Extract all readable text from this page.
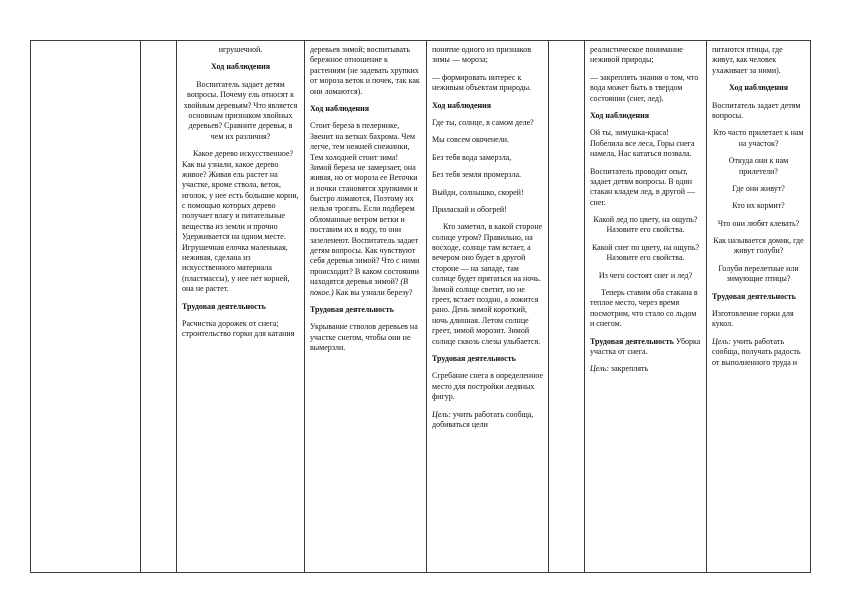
игрушечной.

Ход наблюдения

Воспитатель задает детям вопросы. Почему ель относят к хвойным деревьям? Что является основным признаком хвойных деревьев? Сравните деревья, в чем их различия?

Какое дерево искусственное? Как вы узнали, какое дерево живое? Живая ель растет на участке, кроме ствола, веток, иголок, у нее есть большие корни, с помощью которых дерево получает влагу и питательные вещества из земли и прочно Удерживается на одном месте. Игрушечная елочка маленькая, неживая, сделана из искусственного материала (пластмассы), у нее нет корней, она не растет.

Трудовая деятельность

Расчистка дорожек от снега; строительство горки для катания

деревьев зимой; воспитывать бережное отношение к растениям (не задевать хрупких от мороза веток и почек, так как они ломаются).

Ход наблюдения

Стоит береза в пелеринке, Звенит на ветках бахрома. Чем легче, тем нежней снежинки, Тем холодней стоит зима! Зимой береза не замерзает, она живая, но от мороза ее Веточки и почки становятся хрупкими и быстро ломаются, Поэтому их нельзя трогать. Если подберем обломанные ветром ветки и поставим их в воду, то они зазеленеют. Воспитатель задает детям вопросы. Как чувствуют себя деревья зимой? Что с ними происходит? В каком состоянии находятся деревья зимой? (В покое.) Как вы узнали березу?

Трудовая деятельность

Укрывание стволов деревьев на участке снегом, чтобы они не вымерзли.

понятие одного из признаков зимы — мороза;

— формировать интерес к неживым объектам природы.

Ход наблюдения

Где ты, солнце, в самом деле?

Мы совсем окоченели.

Без тебя вода замерзла,

Без тебя земля промерзла.

Выйди, солнышко, скорей!

Приласкай и обогрей!

Кто заметил, в какой стороне солнце утром? Правильно, на восходе, солнце там встает, а вечером оно будет в другой стороне — на западе, там солнце будет прятаться на ночь. Зимой солнце светит, но не греет, встает поздно, а ложится рано. День зимой короткий, ночь длинная. Летом солнце греет, зимой морозит. Зимой солнце сквозь слезы улыбается.

Трудовая деятельность

Сгребание снега в определенное место для постройки ледяных фигур.

Цель: учить работать сообща, добиваться цели

реалистическое понимание неживой природы;

— закреплять знания о том, что вода может быть в твердом состоянии (снег, лед).

Ход наблюдения

Ой ты, зимушка-краса! Побелила все леса, Горы снега намела, Нас кататься позвала.

Воспитатель проводит опыт, задает детям вопросы. В один стакан кладем лед, в другой — снег.

Какой лед по цвету, на ощупь? Назовите его свойства.

Какой снег по цвету, на ощупь? Назовите его свойства.

Из чего состоят снег и лед?

Теперь ставим оба стакана в теплое место, через время посмотрим, что стало со льдом и снегом.

Трудовая деятельность Уборка участка от снега.

Цель: закреплять

питаются птицы, где живут, как человек ухаживает за ними).

Ход наблюдения

Воспитатель задает детям вопросы.

Кто часто прилетает к нам на участок?

Откуда они к нам прилетели?

Где они живут?

Кто их кормит?

Что они любят клевать?

Как называется домик, где живут голуби?

Голуби перелетные или зимующие птицы?

Трудовая деятельность

Изготовление горки для кукол.

Цель: учить работать сообща, получать радость от выполненного труда и
